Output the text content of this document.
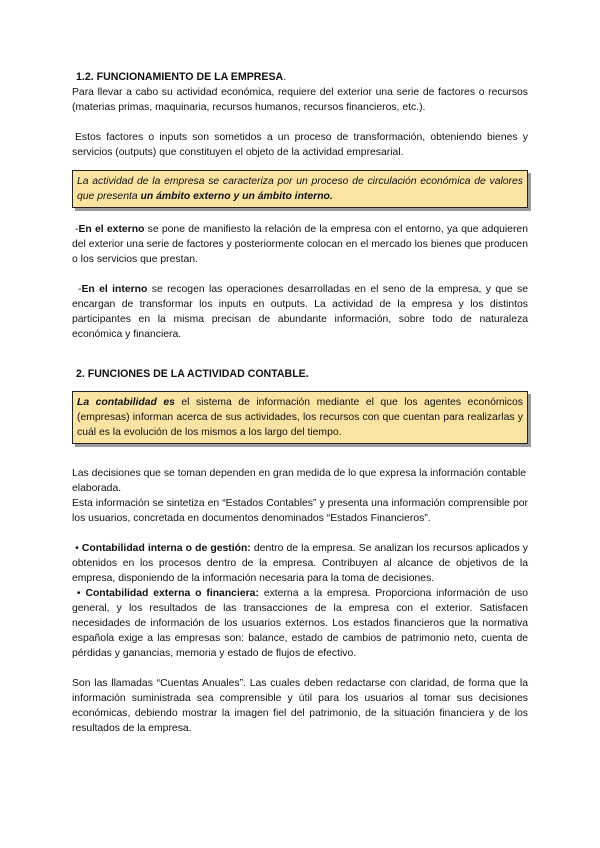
1.2. FUNCIONAMIENTO DE LA EMPRESA.

Para llevar a cabo su actividad económica, requiere del exterior una serie de factores o recursos (materias primas, maquinaria, recursos humanos, recursos financieros, etc.).

Estos factores o inputs son sometidos a un proceso de transformación, obteniendo bienes y servicios (outputs) que constituyen el objeto de la actividad empresarial.

La actividad de la empresa se caracteriza por un proceso de circulación económica de valores que presenta un ámbito externo y un ámbito interno.

-En el externo se pone de manifiesto la relación de la empresa con el entorno, ya que adquieren del exterior una serie de factores y posteriormente colocan en el mercado los bienes que producen o los servicios que prestan.

-En el interno se recogen las operaciones desarrolladas en el seno de la empresa, y que se encargan de transformar los inputs en outputs. La actividad de la empresa y los distintos participantes en la misma precisan de abundante información, sobre todo de naturaleza económica y financiera.

2. FUNCIONES DE LA ACTIVIDAD CONTABLE.
La contabilidad es el sistema de información mediante el que los agentes económicos (empresas) informan acerca de sus actividades, los recursos con que cuentan para realizarlas y cuál es la evolución de los mismos a los largo del tiempo.

Las decisiones que se toman dependen en gran medida de lo que expresa la información contable elaborada.

Esta información se sintetiza en “Estados Contables” y presenta una información comprensible por los usuarios, concretada en documentos denominados “Estados Financieros”.

• Contabilidad interna o de gestión: dentro de la empresa. Se analizan los recursos aplicados y obtenidos en los procesos dentro de la empresa. Contribuyen al alcance de objetivos de la empresa, disponiendo de la información necesaria para la toma de decisiones.

• Contabilidad externa o financiera: externa a la empresa. Proporciona información de uso general, y los resultados de las transacciones de la empresa con el exterior. Satisfacen necesidades de información de los usuarios externos. Los estados financieros que la normativa española exige a las empresas son: balance, estado de cambios de patrimonio neto, cuenta de pérdidas y ganancias, memoria y estado de flujos de efectivo.

Son las llamadas “Cuentas Anuales”. Las cuales deben redactarse con claridad, de forma que la información suministrada sea comprensible y útil para los usuarios al tomar sus decisiones económicas, debiendo mostrar la imagen fiel del patrimonio, de la situación financiera y de los resultados de la empresa.
